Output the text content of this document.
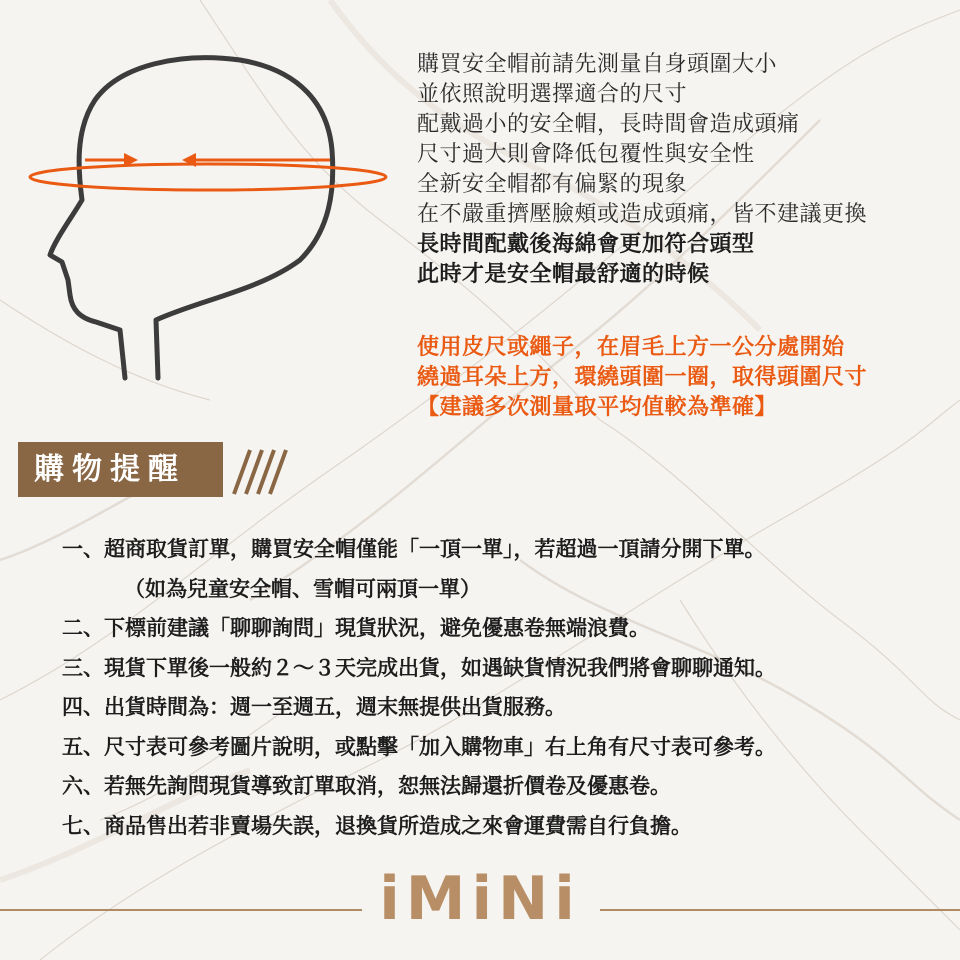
購買安全帽前請先測量自身頭圍大小
並依照說明選擇適合的尺寸
配戴過小的安全帽，長時間會造成頭痛
尺寸過大則會降低包覆性與安全性
全新安全帽都有偏緊的現象
在不嚴重擠壓臉頰或造成頭痛，皆不建議更換
長時間配戴後海綿會更加符合頭型
此時才是安全帽最舒適的時候
使用皮尺或繩子，在眉毛上方一公分處開始
繞過耳朵上方，環繞頭圍一圈，取得頭圍尺寸
【建議多次測量取平均值較為準確】
購物提醒
一、超商取貨訂單，購買安全帽僅能「一頂一單」，若超過一頂請分開下單。
（如為兒童安全帽、雪帽可兩頂一單）
二、下標前建議「聊聊詢問」現貨狀況，避免優惠卷無端浪費。
三、現貨下單後一般約２～３天完成出貨，如遇缺貨情況我們將會聊聊通知。
四、出貨時間為：週一至週五，週末無提供出貨服務。
五、尺寸表可參考圖片說明，或點擊「加入購物車」右上角有尺寸表可參考。
六、若無先詢問現貨導致訂單取消，恕無法歸還折價卷及優惠卷。
七、商品售出若非賣場失誤，退換貨所造成之來會運費需自行負擔。
iMiNi
